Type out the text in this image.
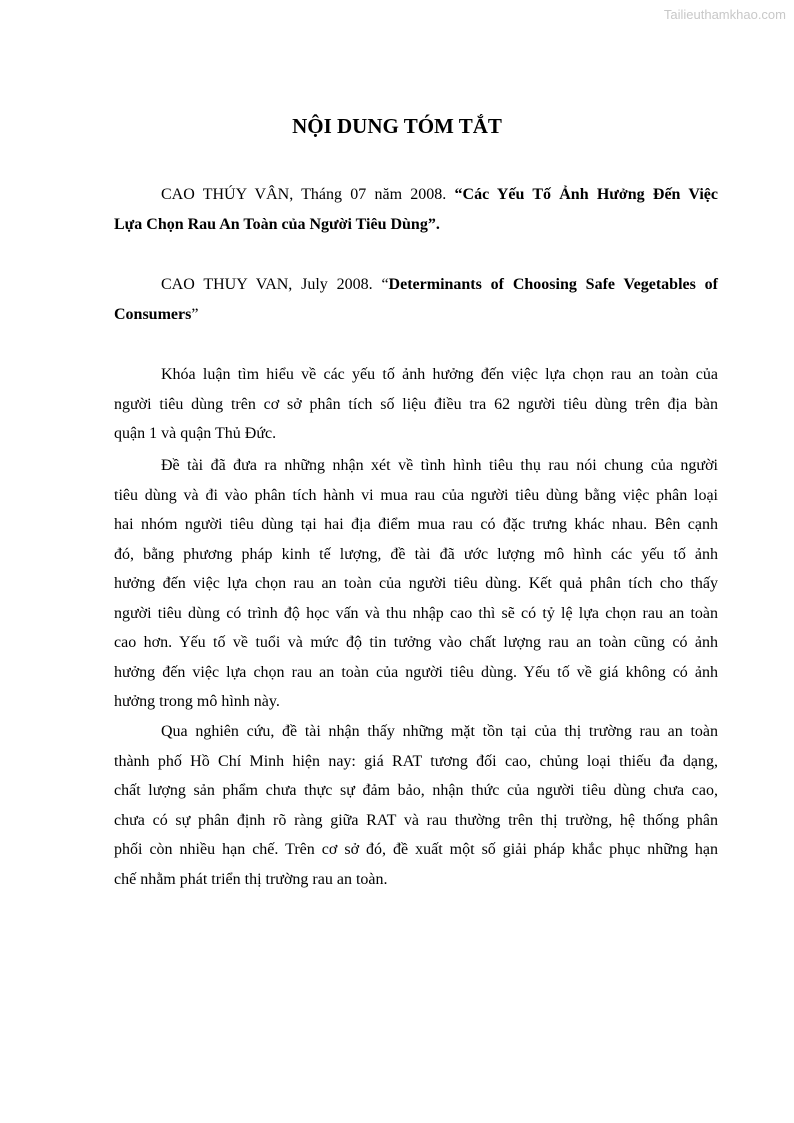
Tailieuthamkhao.com
NỘI DUNG TÓM TẮT

CAO THÚY VÂN, Tháng 07 năm 2008. “Các Yếu Tố Ảnh Hưởng Đến Việc
Lựa Chọn Rau An Toàn của Người Tiêu Dùng”.

CAO THUY VAN, July 2008. “Determinants of Choosing Safe Vegetables of
Consumers”

Khóa luận tìm hiểu về các yếu tố ảnh hưởng đến việc lựa chọn rau an toàn của
người tiêu dùng trên cơ sở phân tích số liệu điều tra 62 người tiêu dùng trên địa bàn
quận 1 và quận Thủ Đức.

Đề tài đã đưa ra những nhận xét về tình hình tiêu thụ rau nói chung của người
tiêu dùng và đi vào phân tích hành vi mua rau của người tiêu dùng bằng việc phân loại
hai nhóm người tiêu dùng tại hai địa điểm mua rau có đặc trưng khác nhau. Bên cạnh
đó, bằng phương pháp kinh tế lượng, đề tài đã ước lượng mô hình các yếu tố ảnh
hưởng đến việc lựa chọn rau an toàn của người tiêu dùng. Kết quả phân tích cho thấy
người tiêu dùng có trình độ học vấn và thu nhập cao thì sẽ có tỷ lệ lựa chọn rau an toàn
cao hơn. Yếu tố về tuổi và mức độ tin tưởng vào chất lượng rau an toàn cũng có ảnh
hưởng đến việc lựa chọn rau an toàn của người tiêu dùng. Yếu tố về giá không có ảnh
hưởng trong mô hình này.

Qua nghiên cứu, đề tài nhận thấy những mặt tồn tại của thị trường rau an toàn
thành phố Hồ Chí Minh hiện nay: giá RAT tương đối cao, chủng loại thiếu đa dạng,
chất lượng sản phẩm chưa thực sự đảm bảo, nhận thức của người tiêu dùng chưa cao,
chưa có sự phân định rõ ràng giữa RAT và rau thường trên thị trường, hệ thống phân
phối còn nhiều hạn chế. Trên cơ sở đó, đề xuất một số giải pháp khắc phục những hạn
chế nhằm phát triển thị trường rau an toàn.
